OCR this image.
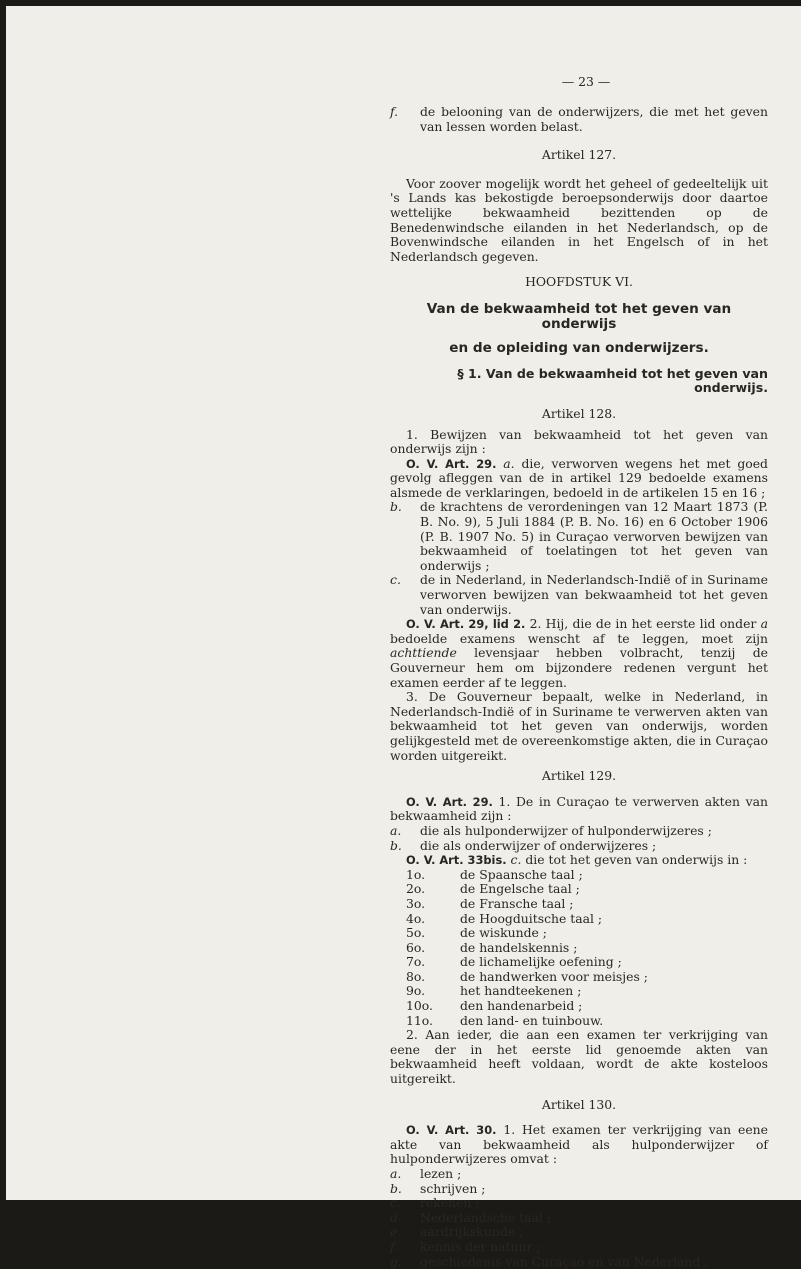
— 23 —
f. de belooning van de onderwijzers, die met het geven van lessen worden belast.
Artikel 127.
Voor zoover mogelijk wordt het geheel of gedeeltelijk uit 's Lands kas bekostigde beroepsonderwijs door daartoe wettelijke bekwaamheid bezittenden op de Benedenwindsche eilanden in het Nederlandsch, op de Bovenwindsche eilanden in het Engelsch of in het Nederlandsch gegeven.
HOOFDSTUK VI.
Van de bekwaamheid tot het geven van onderwijs
en de opleiding van onderwijzers.
§ 1. Van de bekwaamheid tot het geven van onderwijs.
Artikel 128.
1. Bewijzen van bekwaamheid tot het geven van onderwijs zijn :
O. V. Art. 29. a. die, verworven wegens het met goed gevolg afleggen van de in artikel 129 bedoelde examens alsmede de verklaringen, bedoeld in de artikelen 15 en 16 ;
b. de krachtens de verordeningen van 12 Maart 1873 (P. B. No. 9), 5 Juli 1884 (P. B. No. 16) en 6 October 1906 (P. B. 1907 No. 5) in Curaçao verworven bewijzen van bekwaamheid of toelatingen tot het geven van onderwijs ;
c. de in Nederland, in Nederlandsch-Indië of in Suriname verworven bewijzen van bekwaamheid tot het geven van onderwijs.
O. V. Art. 29, lid 2. 2. Hij, die de in het eerste lid onder a bedoelde examens wenscht af te leggen, moet zijn achttiende levensjaar hebben volbracht, tenzij de Gouverneur hem om bijzondere redenen vergunt het examen eerder af te leggen.
3. De Gouverneur bepaalt, welke in Nederland, in Nederlandsch-Indië of in Suriname te verwerven akten van bekwaamheid tot het geven van onderwijs, worden gelijkgesteld met de overeenkomstige akten, die in Curaçao worden uitgereikt.
Artikel 129.
O. V. Art. 29. 1. De in Curaçao te verwerven akten van bekwaamheid zijn :
a. die als hulponderwijzer of hulponderwijzeres ;
b. die als onderwijzer of onderwijzeres ;
O. V. Art. 33bis. c. die tot het geven van onderwijs in :
1o.	de Spaansche taal ;
2o.	de Engelsche taal ;
3o.	de Fransche taal ;
4o.	de Hoogduitsche taal ;
5o.	de wiskunde ;
6o.	de handelskennis ;
7o.	de lichamelijke oefening ;
8o.	de handwerken voor meisjes ;
9o.	het handteekenen ;
10o. den handenarbeid ;
11o. den land- en tuinbouw.
2. Aan ieder, die aan een examen ter verkrijging van eene der in het eerste lid genoemde akten van bekwaamheid heeft voldaan, wordt de akte kosteloos uitgereikt.
Artikel 130.
O. V. Art. 30. 1. Het examen ter verkrijging van eene akte van bekwaamheid als hulponderwijzer of hulponderwijzeres omvat :
a. lezen ;
b. schrijven ;
c. rekenen ;
d. Nederlandsche taal ;
e. aardrijkskunde ;
f. kennis der natuur ;
g. geschiedenis van Curaçao en van Nederland ;
